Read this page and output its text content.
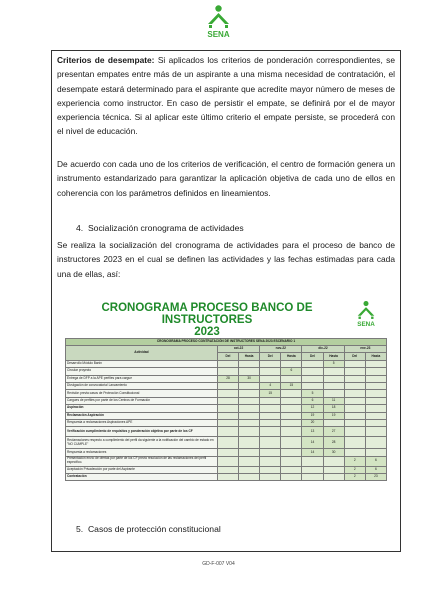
SENA
Criterios de desempate: Si aplicados los criterios de ponderación correspondientes, se presentan empates entre más de un aspirante a una misma necesidad de contratación, el desempate estará determinado para el aspirante que acredite mayor número de meses de experiencia como instructor. En caso de persistir el empate, se definirá por el de mayor experiencia técnica. Si al aplicar este último criterio el empate persiste, se procederá con el nivel de educación.
De acuerdo con cada uno de los criterios de verificación, el centro de formación genera un instrumento estandarizado para garantizar la aplicación objetiva de cada uno de ellos en coherencia con los parámetros definidos en lineamientos.
4. Socialización cronograma de actividades
Se realiza la socialización del cronograma de actividades para el proceso de banco de instructores 2023 en el cual se definen las actividades y las fechas estimadas para cada una de ellas, así:
CRONOGRAMA PROCESO BANCO DE INSTRUCTORES
2023
SENA
CRONOGRAMA PROCESO CONTRATACIÓN DE INSTRUCTORES SENA 2023 ESCENARIO 1								
Actividad	oct-22		nov-22		dic-22		ene-23	
	Del	Hasta	Del	Hasta	Del	Hasta	Del	Hasta
Desarrollo Módulo Banin						5		
Circular proyecto				6				
Entrega de DFP a la APE perfiles para cargue	28	30						
Divulgación de convocatoria/ Lanzamiento			4	15				
Revisión previa casos de Protección Constitucional			15		5			
Cargues de perfiles por parte de los Centros de Formación					6	11		
Aspiración					12	18		
Reclamación Aspiración					19	19		
Respuesta a reclamaciones Aspiraciones APE					20			
Verificación cumplimiento de requisitos y ponderación objetiva por parte de los CF					13	27		
Reclamaciones respecto a cumplimiento del perfil da siguiente a la notificación del cambio de estado en "NO CUMPLE"					14	28		
Respuesta a reclamaciones					14	30		
Presentación envío de ofertas por parte de los CF previo resolución de las reclamaciones del perfil específico.							2	6
Aceptación Privadección por parte del Aspirante							2	6
Contratación							2	23
5. Casos de protección constitucional
GD-F-007 V04
